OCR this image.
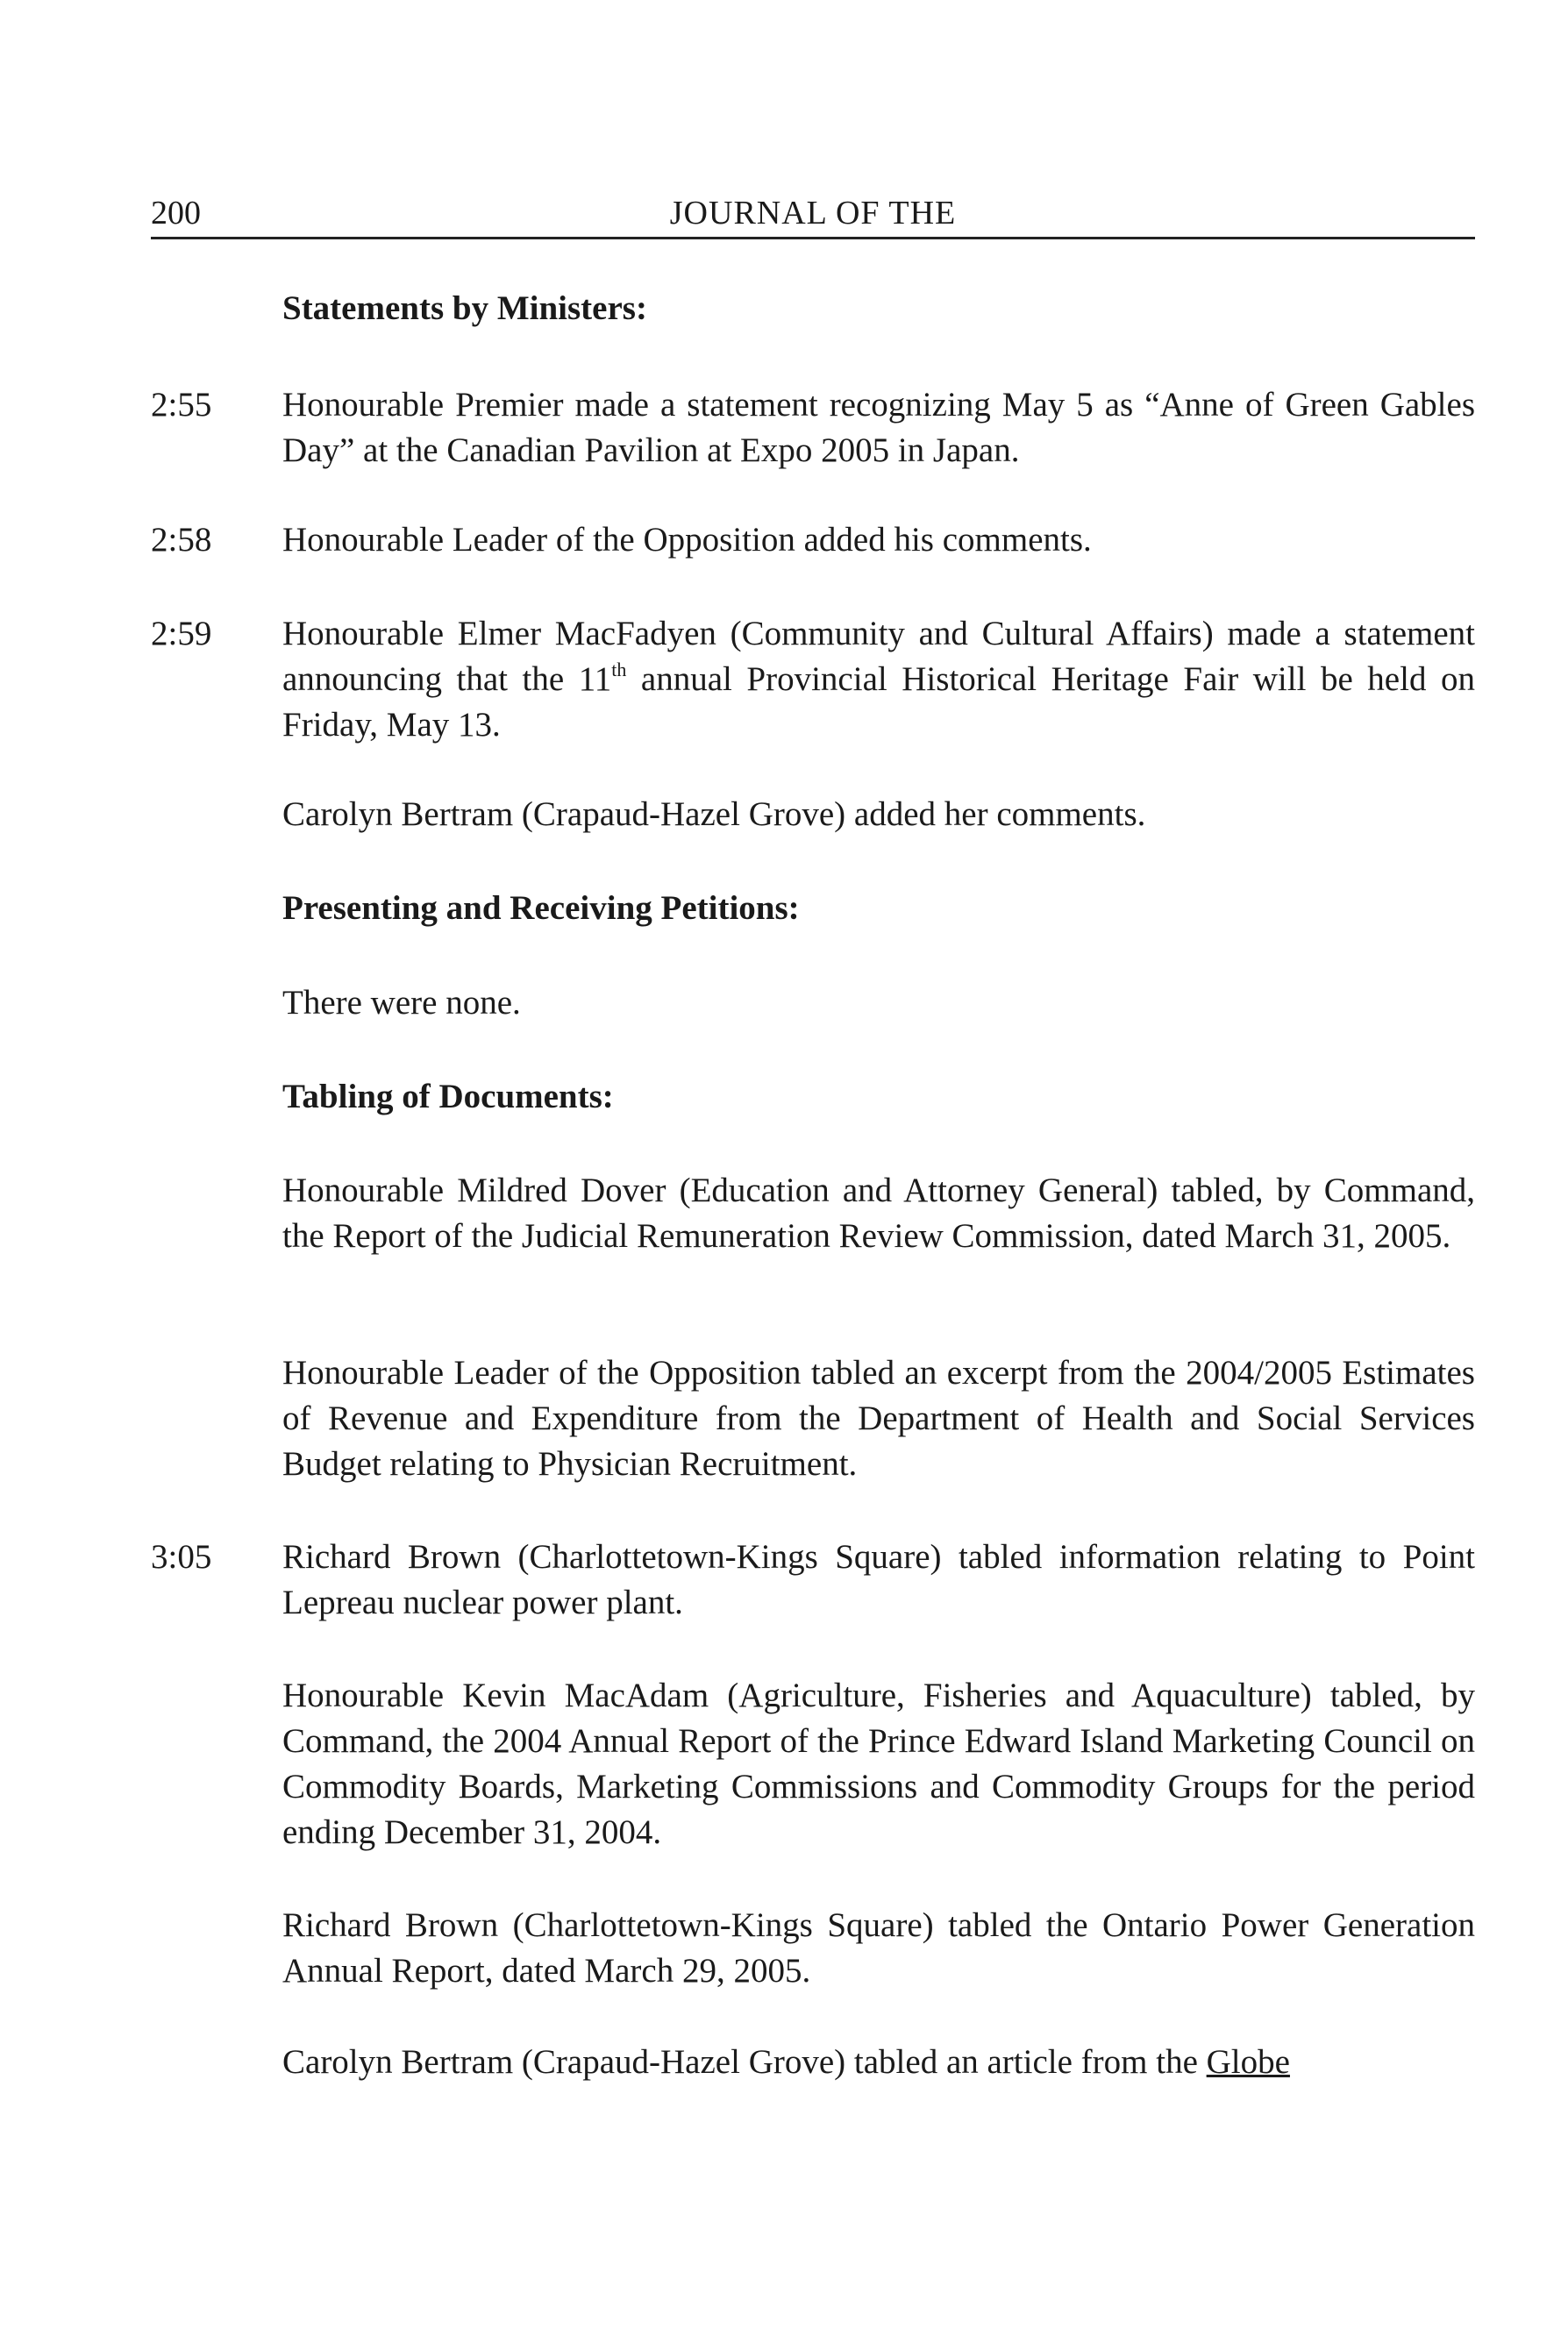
200	JOURNAL OF THE
Statements by Ministers:
2:55 Honourable Premier made a statement recognizing May 5 as “Anne of Green Gables Day” at the Canadian Pavilion at Expo 2005 in Japan.
2:58 Honourable Leader of the Opposition added his comments.
2:59 Honourable Elmer MacFadyen (Community and Cultural Affairs) made a statement announcing that the 11th annual Provincial Historical Heritage Fair will be held on Friday, May 13.
Carolyn Bertram (Crapaud-Hazel Grove) added her comments.
Presenting and Receiving Petitions:
There were none.
Tabling of Documents:
Honourable Mildred Dover (Education and Attorney General) tabled, by Command, the Report of the Judicial Remuneration Review Commission, dated March 31, 2005.
Honourable Leader of the Opposition tabled an excerpt from the 2004/2005 Estimates of Revenue and Expenditure from the Department of Health and Social Services Budget relating to Physician Recruitment.
3:05 Richard Brown (Charlottetown-Kings Square) tabled information relating to Point Lepreau nuclear power plant.
Honourable Kevin MacAdam (Agriculture, Fisheries and Aquaculture) tabled, by Command, the 2004 Annual Report of the Prince Edward Island Marketing Council on Commodity Boards, Marketing Commissions and Commodity Groups for the period ending December 31, 2004.
Richard Brown (Charlottetown-Kings Square) tabled the Ontario Power Generation Annual Report, dated March 29, 2005.
Carolyn Bertram (Crapaud-Hazel Grove) tabled an article from the Globe
